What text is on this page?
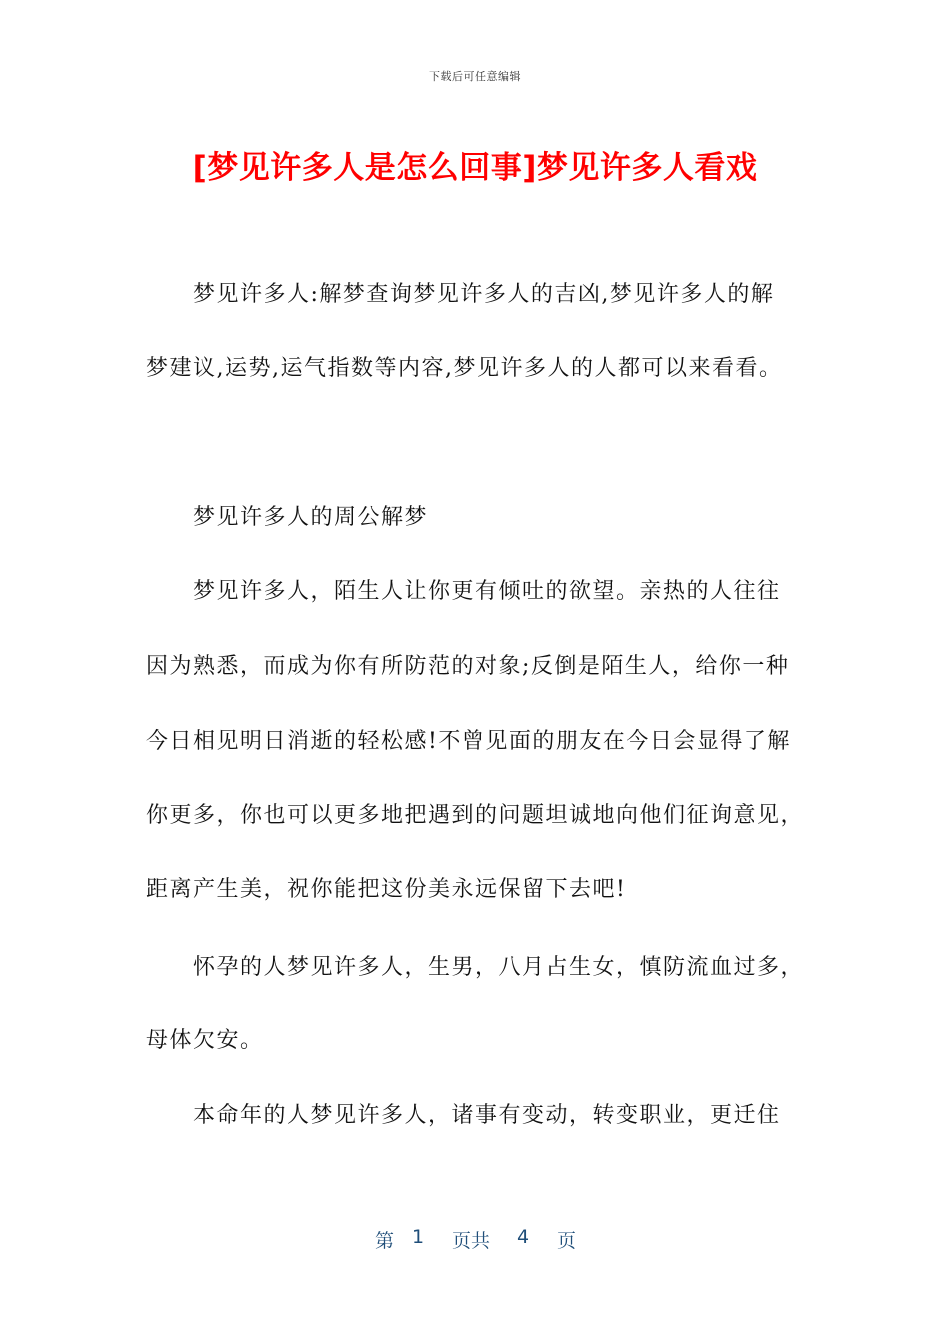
下载后可任意编辑
[梦见许多人是怎么回事]梦见许多人看戏
梦见许多人:解梦查询梦见许多人的吉凶,梦见许多人的解
梦建议,运势,运气指数等内容,梦见许多人的人都可以来看看。
梦见许多人的周公解梦
梦见许多人，陌生人让你更有倾吐的欲望。亲热的人往往
因为熟悉，而成为你有所防范的对象;反倒是陌生人，给你一种
今日相见明日消逝的轻松感!不曾见面的朋友在今日会显得了解
你更多，你也可以更多地把遇到的问题坦诚地向他们征询意见，
距离产生美，祝你能把这份美永远保留下去吧!
怀孕的人梦见许多人，生男，八月占生女，慎防流血过多，
母体欠安。
本命年的人梦见许多人，诸事有变动，转变职业，更迁住
第 1 页共 4 页
